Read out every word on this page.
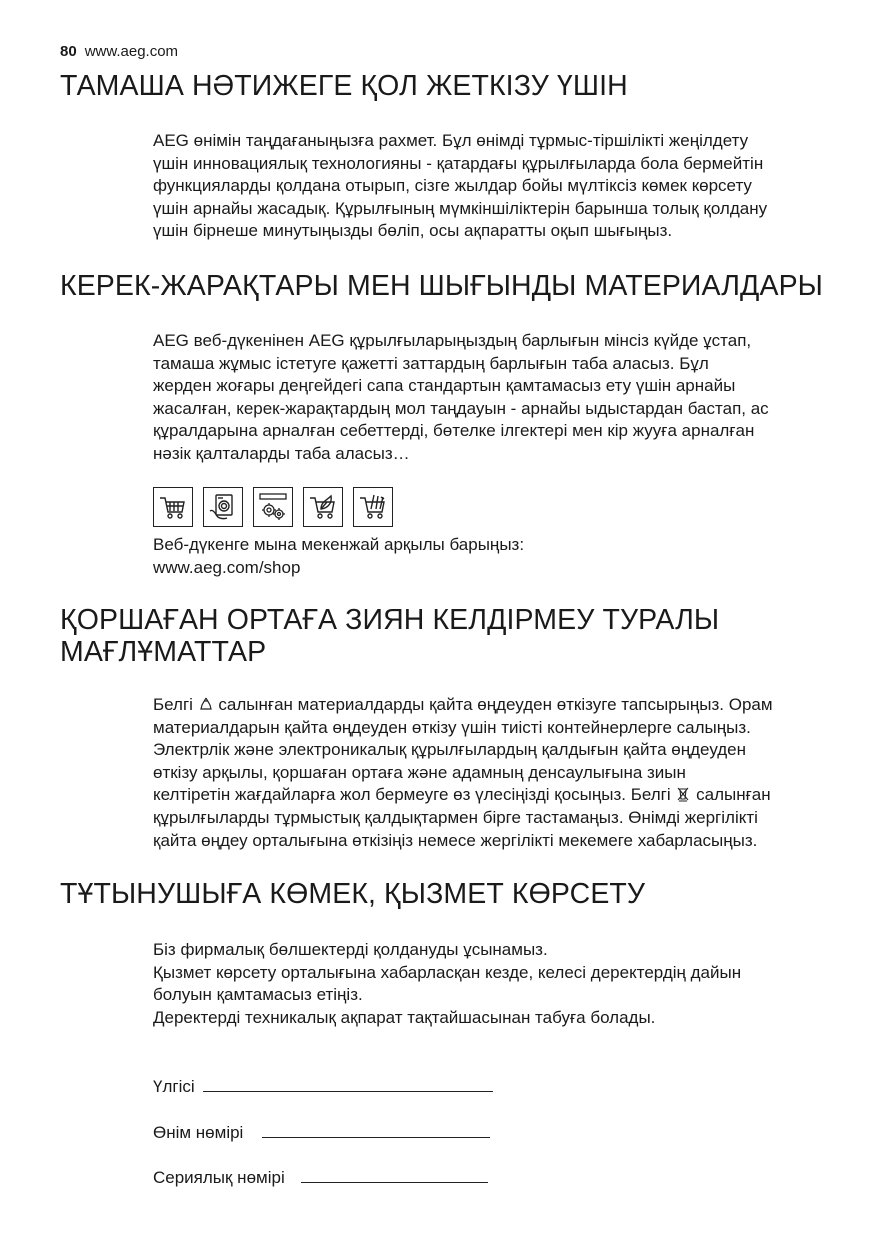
80 www.aeg.com
ТАМАША НӘТИЖЕГЕ ҚОЛ ЖЕТКІЗУ ҮШІН
AEG өнімін таңдағаныңызға рахмет. Бұл өнімді тұрмыс-тіршілікті жеңілдету
үшін инновациялық технологияны - қатардағы құрылғыларда бола бермейтін
функцияларды қолдана отырып, сізге жылдар бойы мүлтіксіз көмек көрсету
үшін арнайы жасадық. Құрылғының мүмкіншіліктерін барынша толық қолдану
үшін бірнеше минутыңызды бөліп, осы ақпаратты оқып шығыңыз.
КЕРЕК-ЖАРАҚТАРЫ МЕН ШЫҒЫНДЫ МАТЕРИАЛДАРЫ
AEG веб-дүкенінен AEG құрылғыларыңыздың барлығын мінсіз күйде ұстап,
тамаша жұмыс істетуге қажетті заттардың барлығын таба аласыз. Бұл
жерден жоғары деңгейдегі сапа стандартын қамтамасыз ету үшін арнайы
жасалған, керек-жарақтардың мол таңдауын - арнайы ыдыстардан бастап, ас
құралдарына арналған себеттерді, бөтелке ілгектері мен кір жууға арналған
нәзік қалталарды таба аласыз…
Веб-дүкенге мына мекенжай арқылы барыңыз:
www.aeg.com/shop
ҚОРШАҒАН ОРТАҒА ЗИЯН КЕЛДІРМЕУ ТУРАЛЫ
МАҒЛҰМАТТАР
Белгі  салынған материалдарды қайта өңдеуден өткізуге тапсырыңыз. Орам
материалдарын қайта өңдеуден өткізу үшін тиісті контейнерлерге салыңыз.
Электрлік және электроникалық құрылғылардың қалдығын қайта өңдеуден
өткізу арқылы, қоршаған ортаға және адамның денсаулығына зиын
келтіретін жағдайларға жол бермеуге өз үлесіңізді қосыңыз. Белгі  салынған
құрылғыларды тұрмыстық қалдықтармен бірге тастамаңыз. Өнімді жергілікті
қайта өңдеу орталығына өткізіңіз немесе жергілікті мекемеге хабарласыңыз.
ТҰТЫНУШЫҒА КӨМЕК, ҚЫЗМЕТ КӨРСЕТУ
Біз фирмалық бөлшектерді қолдануды ұсынамыз.
Қызмет көрсету орталығына хабарласқан кезде, келесі деректердің дайын
болуын қамтамасыз етіңіз.
Деректерді техникалық ақпарат тақтайшасынан табуға болады.
Үлгісі
Өнім нөмірі
Сериялық нөмірі
